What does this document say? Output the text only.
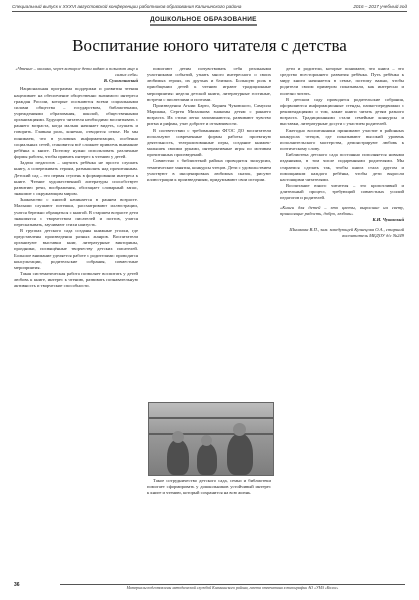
Специальный выпуск к ХХХVI августовской конференции работников образования Калининского района	2016 – 2017 учебный год
ДОШКОЛЬНОЕ ОБРАЗОВАНИЕ
Воспитание юного читателя с детства
«Чтение – окошко, через которое дети видят и познают мир и самих себя»
В. Сухомлинский

Национальная программа поддержки и развития чтения нацеливает на обеспечение общественно значимого интереса граждан России, которые осознаются всеми социальными силами общества – государством, библиотеками, учреждениями образования, школой, общественными организациями. Будущего читателя необходимо воспитывать с раннего возраста, когда малыш начинает видеть, слушать и говорить. Главная роль, конечно, отводится семье. Но мы понимаем, что в условиях информатизации, особенно социальных сетей, становится всё сложнее привлечь внимание ребёнка к книге. Поэтому нужно использовать различные формы работы, чтобы привить интерес к чтению у детей.

Задача педагогов – научить ребёнка не просто слушать книгу, а сопереживать героям, размышлять над прочитанным. Детский сад – это первая ступень в формировании интереса к книге. Чтение художественной литературы способствует развитию речи, воображения, обогащает словарный запас, знакомит с окружающим миром.

Знакомство с книгой начинается в раннем возрасте. Малыши слушают потешки, рассматривают иллюстрации, учатся бережно обращаться с книгой. В старшем возрасте дети знакомятся с творчеством писателей и поэтов, учатся пересказывать, заучивают стихи наизусть.

В группах детского сада созданы книжные уголки, где представлены произведения разных жанров. Воспитатели организуют выставки книг, литературные викторины, праздники, посвящённые творчеству детских писателей. Большое внимание уделяется работе с родителями: проводятся консультации, родительские собрания, совместные мероприятия.

Такая систематическая работа позволяет воспитать у детей любовь к книге, интерес к чтению, развивать познавательную активность и творческие способности.

помогают детям почувствовать себя реальными участниками событий, узнать много интересного о своих любимых героях, их друзьях и близких. Большую роль в приобщении детей к чтению играют традиционные мероприятия: неделя детской книги, литературные гостиные, встречи с писателями и поэтами.

Произведения Агнии Барто, Корнея Чуковского, Самуила Маршака, Сергея Михалкова знакомы детям с раннего возраста. Их стихи легко запоминаются, развивают чувство ритма и рифмы, учат доброте и отзывчивости.

В соответствии с требованиями ФГОС ДО воспитатели используют современные формы работы: проектную деятельность, театрализованные игры, создание книжек-малышек своими руками, интерактивные игры по мотивам прочитанных произведений.

Совместно с библиотекой района проводятся экскурсии, тематические занятия, конкурсы чтецов. Дети с удовольствием участвуют в инсценировках любимых сказок, рисуют иллюстрации к произведениям, придумывают свои истории.

Такое сотрудничество детского сада, семьи и библиотеки помогает сформировать у дошкольников устойчивый интерес к книге и чтению, который сохранится на всю жизнь.

дети и родители, которые понимают, что книга – это средство всестороннего развития ребёнка. Путь ребёнка к миру книги начинается в семье, поэтому важно, чтобы родители своим примером показывали, как интересно и полезно читать.

В детском саду проводятся родительские собрания, оформляются информационные стенды, папки-передвижки с рекомендациями о том, какие книги читать детям разного возраста. Традиционными стали семейные конкурсы и выставки, литературные досуги с участием родителей.

Ежегодно воспитанники принимают участие в районных конкурсах чтецов, где показывают высокий уровень исполнительского мастерства, демонстрируют любовь к поэтическому слову.

Библиотека детского сада постоянно пополняется новыми изданиями, в том числе подаренными родителями. Мы стараемся сделать так, чтобы книга стала другом и помощником каждого ребёнка, чтобы дети выросли настоящими читателями.

Воспитание юного читателя – это кропотливый и длительный процесс, требующий совместных усилий педагогов и родителей.

«Книги для детей – это цветы, выросшие на свету, приносящие радость, добро, любовь»
К.И. Чуковский
Шишкова В.П., зам. заведующей Кузнецова О.А., старший воспитатель МБДОУ д/с №249
36	Материалы подготовлены методической службой Калининского района, газета отпечатана в типографии АО «УМЗ «Колос»
